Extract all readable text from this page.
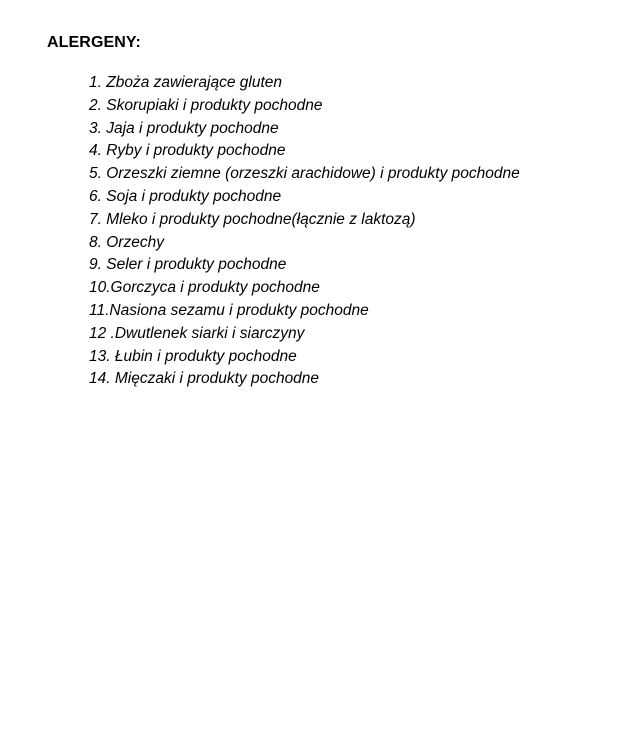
ALERGENY:
1. Zboża zawierające gluten
2. Skorupiaki i produkty pochodne
3. Jaja i produkty pochodne
4. Ryby i produkty pochodne
5. Orzeszki ziemne (orzeszki arachidowe) i produkty pochodne
6. Soja i produkty pochodne
7. Mleko i produkty pochodne(łącznie z laktozą)
8. Orzechy
9. Seler i produkty pochodne
10.Gorczyca i produkty pochodne
11.Nasiona sezamu i produkty pochodne
12 .Dwutlenek siarki i siarczyny
13. Łubin i produkty pochodne
14. Mięczaki i produkty pochodne
